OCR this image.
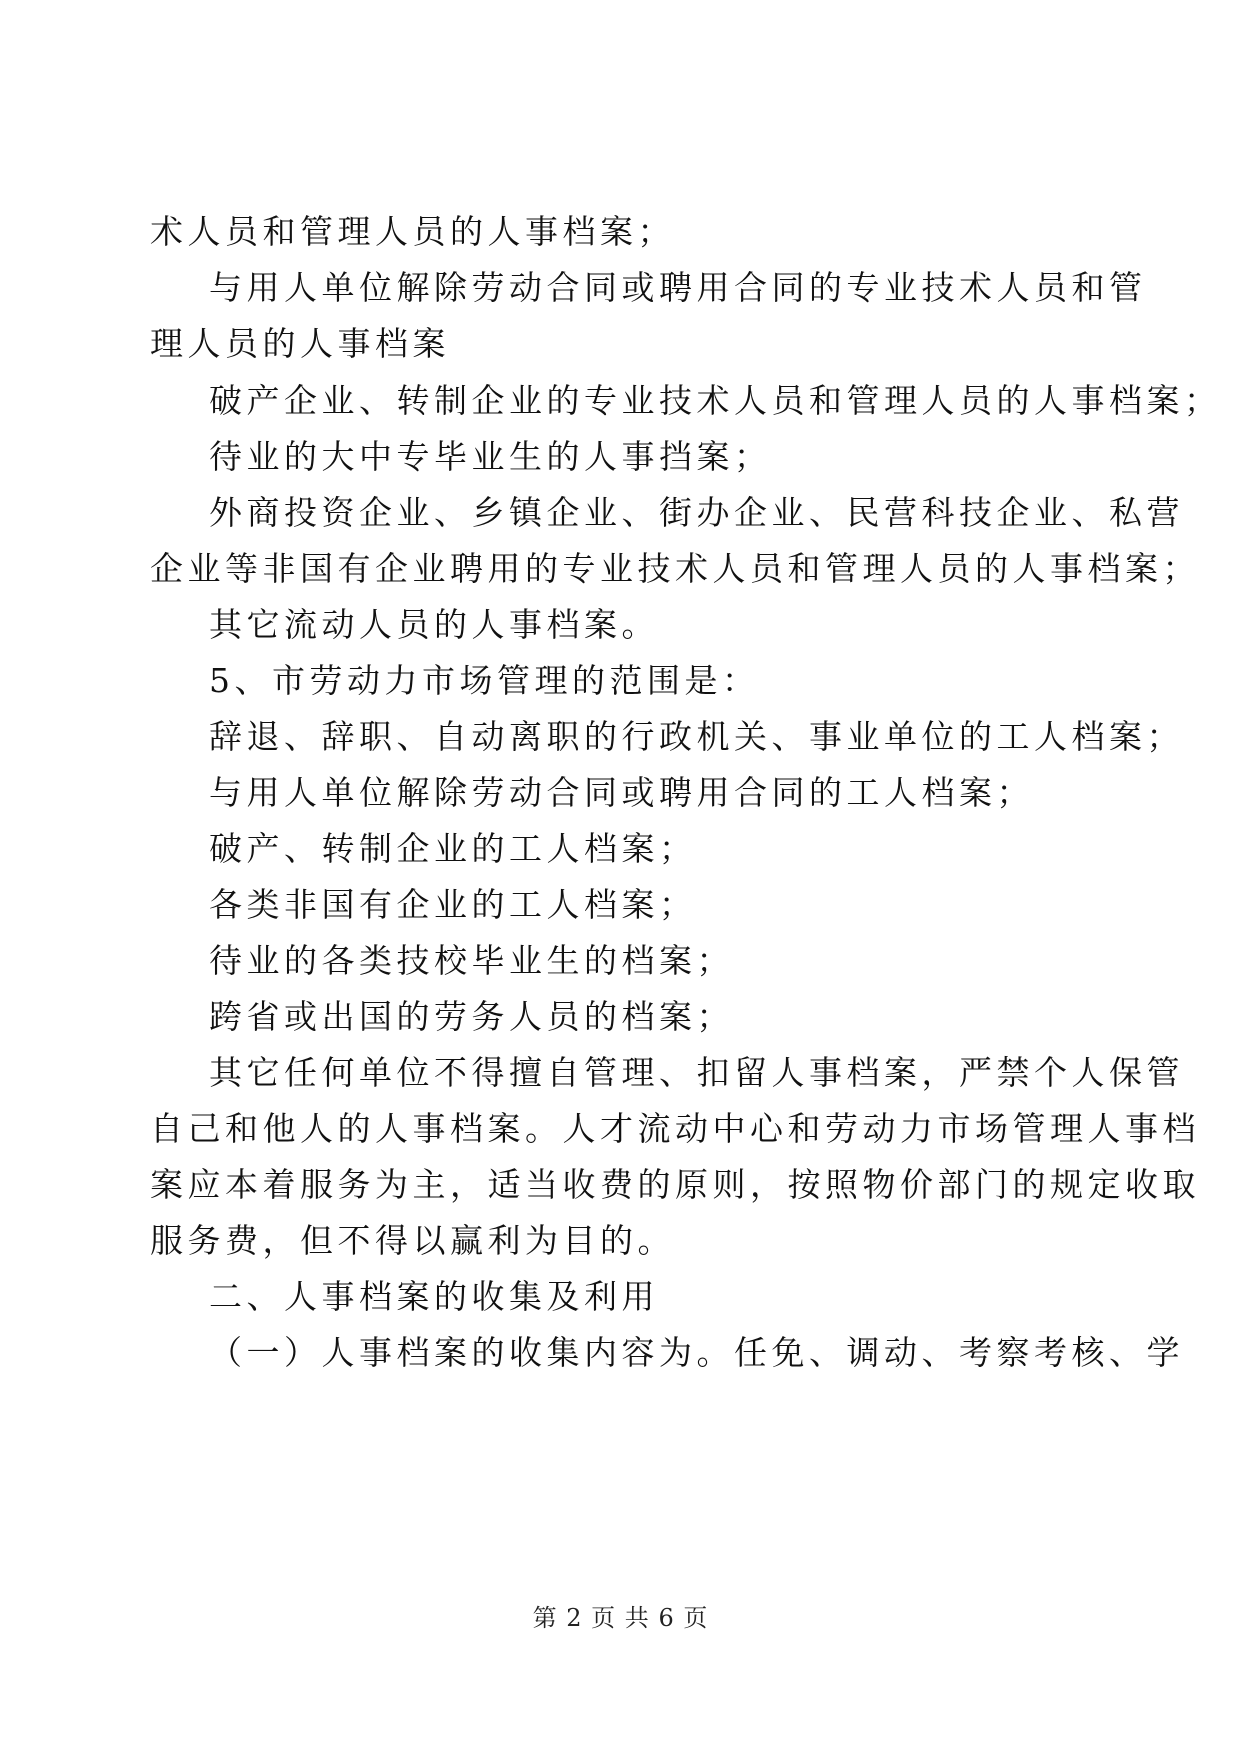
术人员和管理人员的人事档案；
与用人单位解除劳动合同或聘用合同的专业技术人员和管
理人员的人事档案
破产企业、转制企业的专业技术人员和管理人员的人事档案；
待业的大中专毕业生的人事挡案；
外商投资企业、乡镇企业、街办企业、民营科技企业、私营
企业等非国有企业聘用的专业技术人员和管理人员的人事档案；
其它流动人员的人事档案。
5、市劳动力市场管理的范围是：
辞退、辞职、自动离职的行政机关、事业单位的工人档案；
与用人单位解除劳动合同或聘用合同的工人档案；
破产、转制企业的工人档案；
各类非国有企业的工人档案；
待业的各类技校毕业生的档案；
跨省或出国的劳务人员的档案；
其它任何单位不得擅自管理、扣留人事档案，严禁个人保管
自己和他人的人事档案。人才流动中心和劳动力市场管理人事档
案应本着服务为主，适当收费的原则，按照物价部门的规定收取
服务费，但不得以赢利为目的。
二、人事档案的收集及利用
（一）人事档案的收集内容为。任免、调动、考察考核、学
第 2 页 共 6 页
